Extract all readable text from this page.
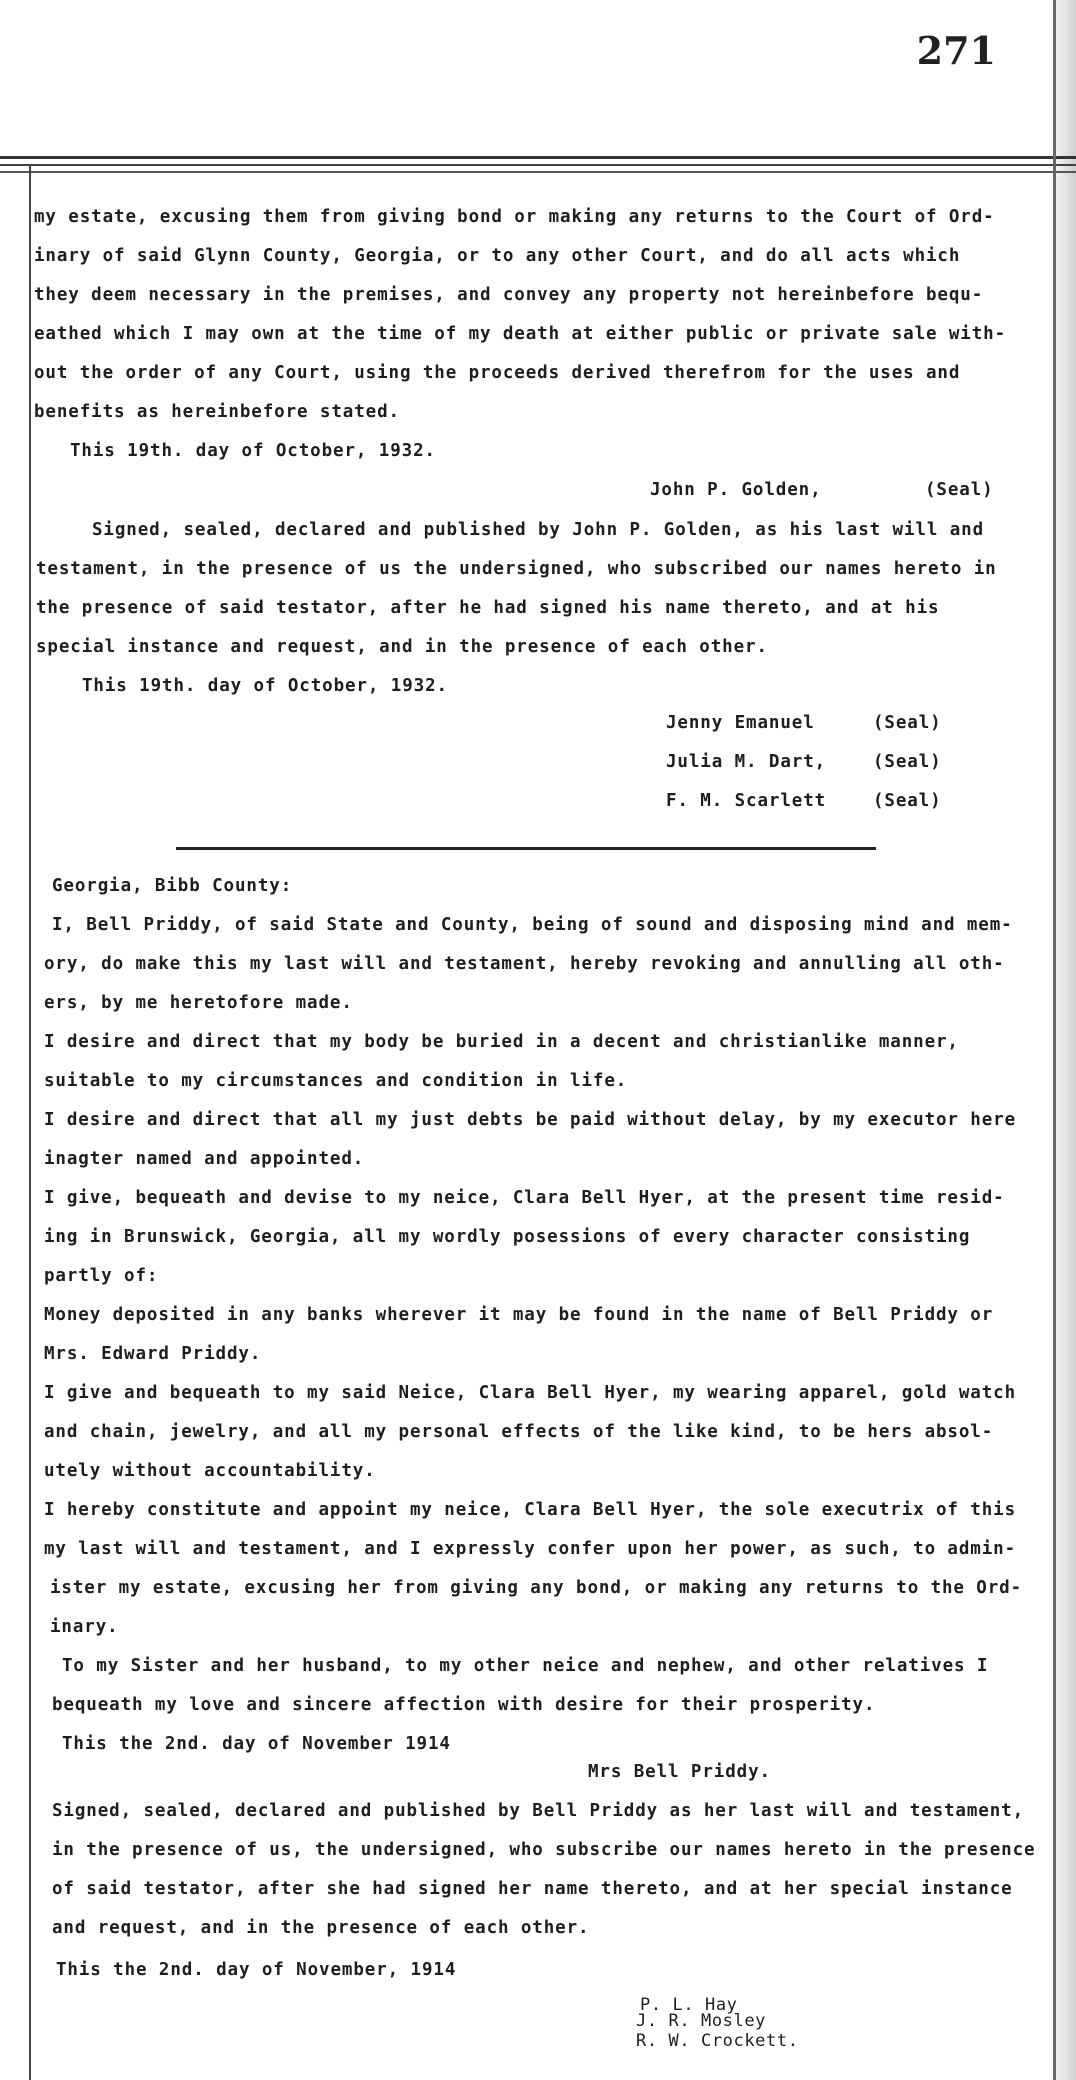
271
my estate, excusing them from giving bond or making any returns to the Court of Ord-
inary of said Glynn County, Georgia, or to any other Court, and do all acts which
they deem necessary in the premises, and convey any property not hereinbefore bequ-
eathed which I may own at the time of my death at either public or private sale with-
out the order of any Court, using the proceeds derived therefrom for the uses and
benefits as hereinbefore stated.
This 19th. day of October, 1932.
John P. Golden,	(Seal)
Signed, sealed, declared and published by John P. Golden, as his last will and
testament, in the presence of us the undersigned, who subscribed our names hereto in
the presence of said testator, after he had signed his name thereto, and at his
special instance and request, and in the presence of each other.
This 19th. day of October, 1932.
Jenny Emanuel	(Seal)
Julia M. Dart,	(Seal)
F. M. Scarlett	(Seal)
Georgia, Bibb County:
I, Bell Priddy, of said State and County, being of sound and disposing mind and mem-
ory, do make this my last will and testament, hereby revoking and annulling all oth-
ers, by me heretofore made.
I desire and direct that my body be buried in a decent and christianlike manner,
suitable to my circumstances and condition in life.
I desire and direct that all my just debts be paid without delay, by my executor here
inagter named and appointed.
I give, bequeath and devise to my neice, Clara Bell Hyer, at the present time resid-
ing in Brunswick, Georgia, all my wordly posessions of every character consisting
partly of:
Money deposited in any banks wherever it may be found in the name of Bell Priddy or
Mrs. Edward Priddy.
I give and bequeath to my said Neice, Clara Bell Hyer, my wearing apparel, gold watch
and chain, jewelry, and all my personal effects of the like kind, to be hers absol-
utely without accountability.
I hereby constitute and appoint my neice, Clara Bell Hyer, the sole executrix of this
my last will and testament, and I expressly confer upon her power, as such, to admin-
ister my estate, excusing her from giving any bond, or making any returns to the Ord-
inary.
To my Sister and her husband, to my other neice and nephew, and other relatives I
bequeath my love and sincere affection with desire for their prosperity.
This the 2nd. day of November 1914
Mrs Bell Priddy.
Signed, sealed, declared and published by Bell Priddy as her last will and testament,
in the presence of us, the undersigned, who subscribe our names hereto in the presence
of said testator, after she had signed her name thereto, and at her special instance
and request, and in the presence of each other.
This the 2nd. day of November, 1914
P. L. Hay
J. R. Mosley
R. W. Crockett.
